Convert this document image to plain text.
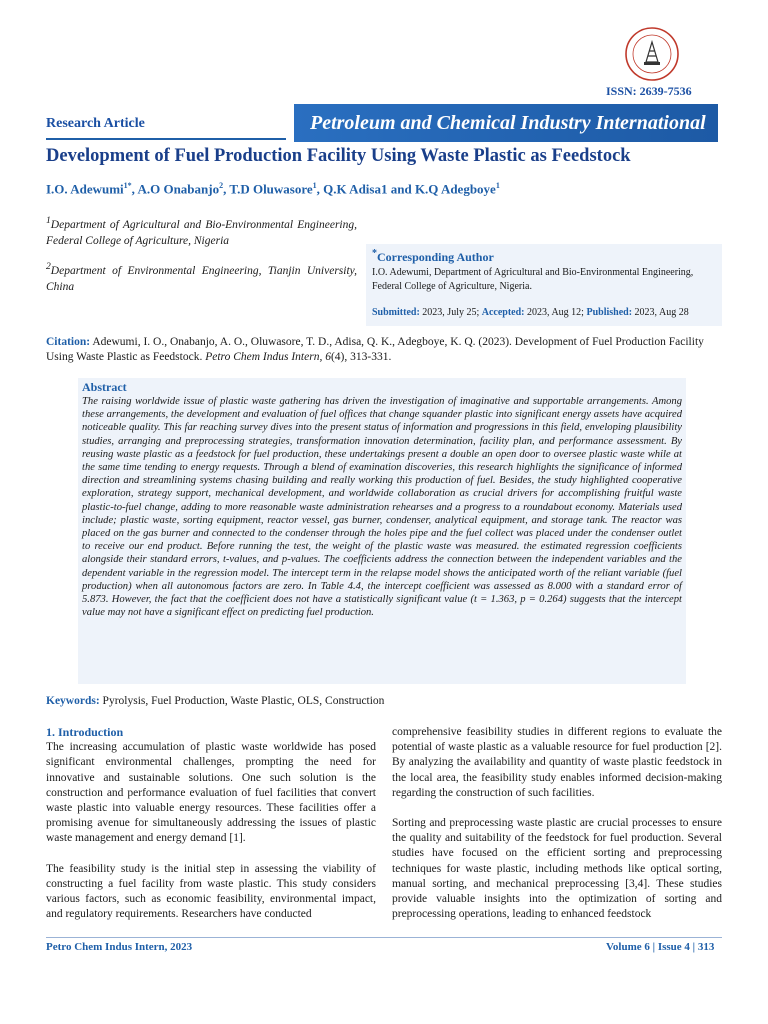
ISSN: 2639-7536
Research Article	Petroleum and Chemical Industry International
Development of Fuel Production Facility Using Waste Plastic as Feedstock
I.O. Adewumi$^{1*}$, A.O Onabanjo$^2$, T.D Oluwasore$^1$, Q.K Adisa1 and K.Q Adegboye$^1$
$^1$Department of Agricultural and Bio-Environmental Engineering, Federal College of Agriculture, Nigeria
$^2$Department of Environmental Engineering, Tianjin University, China
*Corresponding Author
I.O. Adewumi, Department of Agricultural and Bio-Environmental Engineering, Federal College of Agriculture, Nigeria.
Submitted: 2023, July 25; Accepted: 2023, Aug 12; Published: 2023, Aug 28
Citation: Adewumi, I. O., Onabanjo, A. O., Oluwasore, T. D., Adisa, Q. K., Adegboye, K. Q. (2023). Development of Fuel Production Facility Using Waste Plastic as Feedstock. Petro Chem Indus Intern, 6(4), 313-331.
Abstract
The raising worldwide issue of plastic waste gathering has driven the investigation of imaginative and supportable arrangements. Among these arrangements, the development and evaluation of fuel offices that change squander plastic into significant energy assets have acquired noticeable quality. This far reaching survey dives into the present status of information and progressions in this field, enveloping plausibility studies, arranging and preprocessing strategies, transformation innovation determination, facility plan, and performance assessment. By reusing waste plastic as a feedstock for fuel production, these undertakings present a double an open door to oversee plastic waste while at the same time tending to energy requests. Through a blend of examination discoveries, this research highlights the significance of informed direction and streamlining systems chasing building and really working this production of fuel. Besides, the study highlighted cooperative exploration, strategy support, mechanical development, and worldwide collaboration as crucial drivers for accomplishing fruitful waste plastic-to-fuel change, adding to more reasonable waste administration rehearses and a progress to a roundabout economy. Materials used include; plastic waste, sorting equipment, reactor vessel, gas burner, condenser, analytical equipment, and storage tank. The reactor was placed on the gas burner and connected to the condenser through the holes pipe and the fuel collect was placed under the condenser outlet to receive our end product. Before running the test, the weight of the plastic waste was measured. the estimated regression coefficients alongside their standard errors, t-values, and p-values. The coefficients address the connection between the independent variables and the dependent variable in the regression model. The intercept term in the relapse model shows the anticipated worth of the reliant variable (fuel production) when all autonomous factors are zero. In Table 4.4, the intercept coefficient was assessed as 8.000 with a standard error of 5.873. However, the fact that the coefficient does not have a statistically significant value (t = 1.363, p = 0.264) suggests that the intercept value may not have a significant effect on predicting fuel production.
Keywords: Pyrolysis, Fuel Production, Waste Plastic, OLS, Construction
1. Introduction

The increasing accumulation of plastic waste worldwide has posed significant environmental challenges, prompting the need for innovative and sustainable solutions. One such solution is the construction and performance evaluation of fuel facilities that convert waste plastic into valuable energy resources. These facilities offer a promising avenue for simultaneously addressing the issues of plastic waste management and energy demand [1].

The feasibility study is the initial step in assessing the viability of constructing a fuel facility from waste plastic. This study considers various factors, such as economic feasibility, environmental impact, and regulatory requirements. Researchers have conducted

comprehensive feasibility studies in different regions to evaluate the potential of waste plastic as a valuable resource for fuel production [2]. By analyzing the availability and quantity of waste plastic feedstock in the local area, the feasibility study enables informed decision-making regarding the construction of such facilities.

Sorting and preprocessing waste plastic are crucial processes to ensure the quality and suitability of the feedstock for fuel production. Several studies have focused on the efficient sorting and preprocessing techniques for waste plastic, including methods like optical sorting, manual sorting, and mechanical preprocessing [3,4]. These studies provide valuable insights into the optimization of sorting and preprocessing operations, leading to enhanced feedstock

Petro Chem Indus Intern, 2023	Volume 6 | Issue 4 | 313
